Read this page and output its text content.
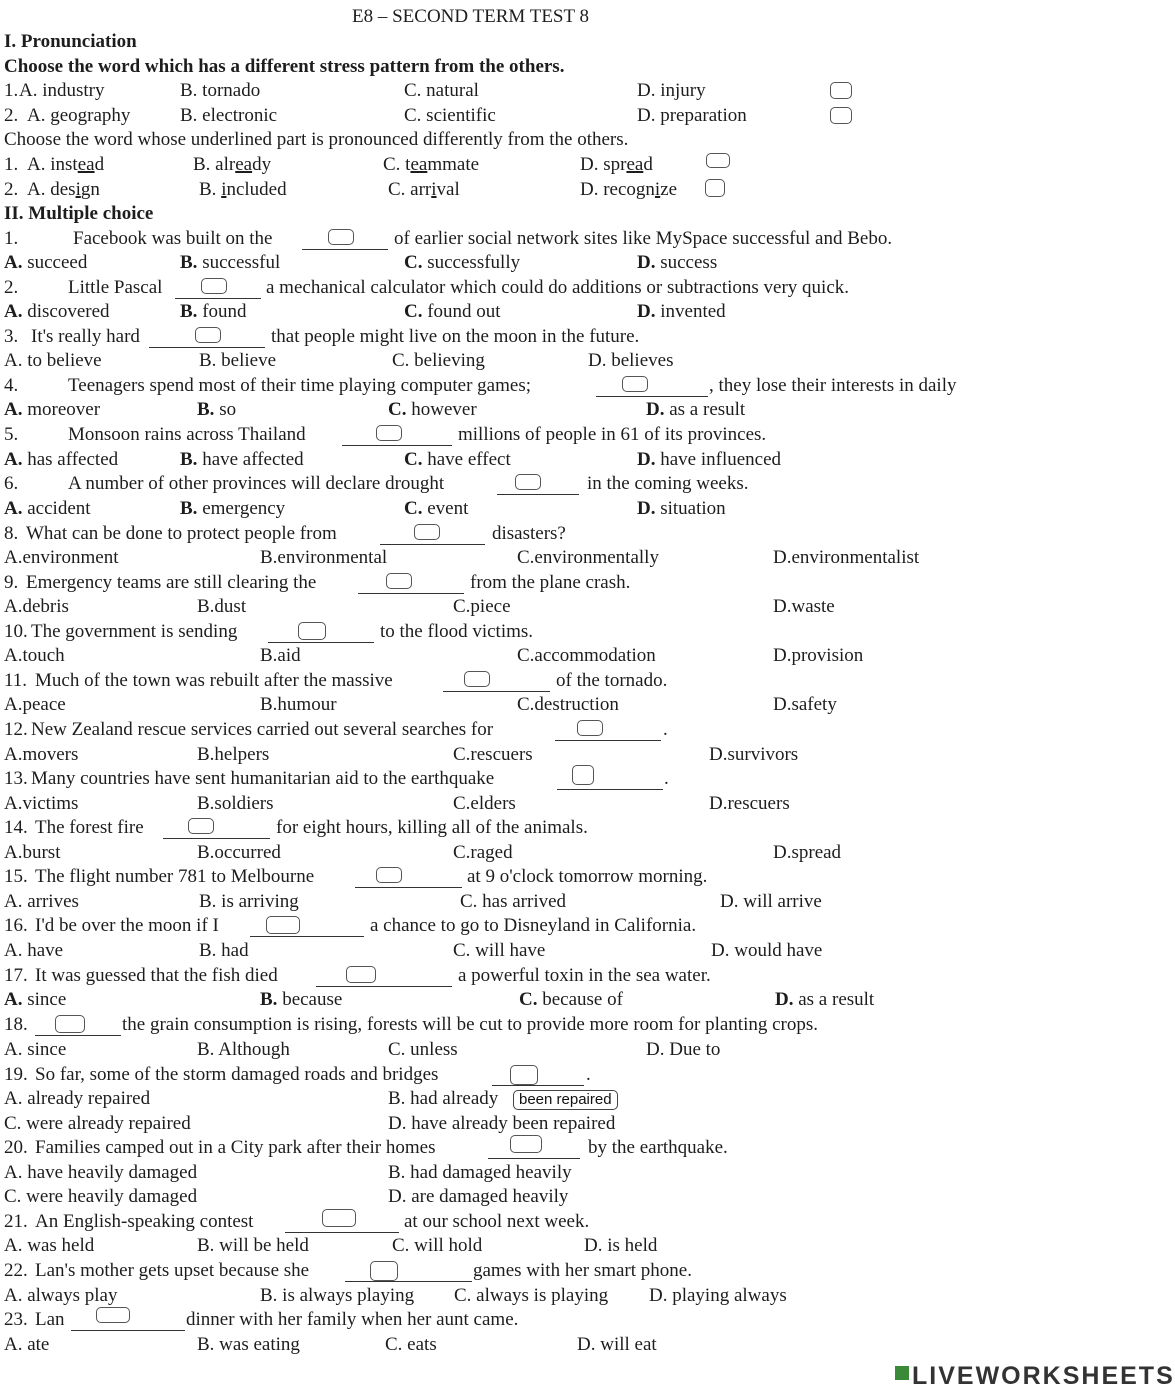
E8 – SECOND TERM TEST 8
I. Pronunciation
Choose the word which has a different stress pattern from the others.
1. A. industry	B. tornado	C. natural	D. injury
2. A. geography	B. electronic	C. scientific	D. preparation
Choose the word whose underlined part is pronounced differently from the others.
1. A. instead	B. already	C. teammate	D. spread
2. A. design	B. included	C. arrival	D. recognize
II. Multiple choice
1.	Facebook was built on the	of earlier social network sites like MySpace successful and Bebo.
A. succeed	B. successful	C. successfully	D. success
2.	Little Pascal	a mechanical calculator which could do additions or subtractions very quick.
A. discovered	B. found	C. found out	D. invented
3. It's really hard	that people might live on the moon in the future.
A. to believe	B. believe	C. believing	D. believes
4.	Teenagers spend most of their time playing computer games;	, they lose their interests in daily
A. moreover	B. so	C. however	D. as a result
5.	Monsoon rains across Thailand	millions of people in 61 of its provinces.
A. has affected	B. have affected	C. have effect	D. have influenced
6.	A number of other provinces will declare drought	in the coming weeks.
A. accident	B. emergency	C. event	D. situation
8. What can be done to protect people from	disasters?
A.environment	B.environmental	C.environmentally	D.environmentalist
9. Emergency teams are still clearing the	from the plane crash.
A.debris	B.dust	C.piece	D.waste
10. The government is sending	to the flood victims.
A.touch	B.aid	C.accommodation	D.provision
11. Much of the town was rebuilt after the massive	of the tornado.
A.peace	B.humour	C.destruction	D.safety
12. New Zealand rescue services carried out several searches for	.
A.movers	B.helpers	C.rescuers	D.survivors
13. Many countries have sent humanitarian aid to the earthquake	.
A.victims	B.soldiers	C.elders	D.rescuers
14. The forest fire	for eight hours, killing all of the animals.
A.burst	B.occurred	C.raged	D.spread
15. The flight number 781 to Melbourne	at 9 o'clock tomorrow morning.
A. arrives	B. is arriving	C. has arrived	D. will arrive
16. I'd be over the moon if I	a chance to go to Disneyland in California.
A. have	B. had	C. will have	D. would have
17. It was guessed that the fish died	a powerful toxin in the sea water.
A. since	B. because	C. because of	D. as a result
18.	the grain consumption is rising, forests will be cut to provide more room for planting crops.
A. since	B. Although	C. unless	D. Due to
19. So far, some of the storm damaged roads and bridges	.
A. already repaired	B. had already	been repaired
C. were already repaired	D. have already been repaired
20. Families camped out in a City park after their homes	by the earthquake.
A. have heavily damaged	B. had damaged heavily
C. were heavily damaged	D. are damaged heavily
21. An English-speaking contest	at our school next week.
A. was held	B. will be held	C. will hold	D. is held
22. Lan's mother gets upset because she	games with her smart phone.
A. always play	B. is always playing C. always is playing D. playing always
23. Lan	dinner with her family when her aunt came.
A. ate	B. was eating	C. eats	D. will eat
LIVEWORKSHEETS
